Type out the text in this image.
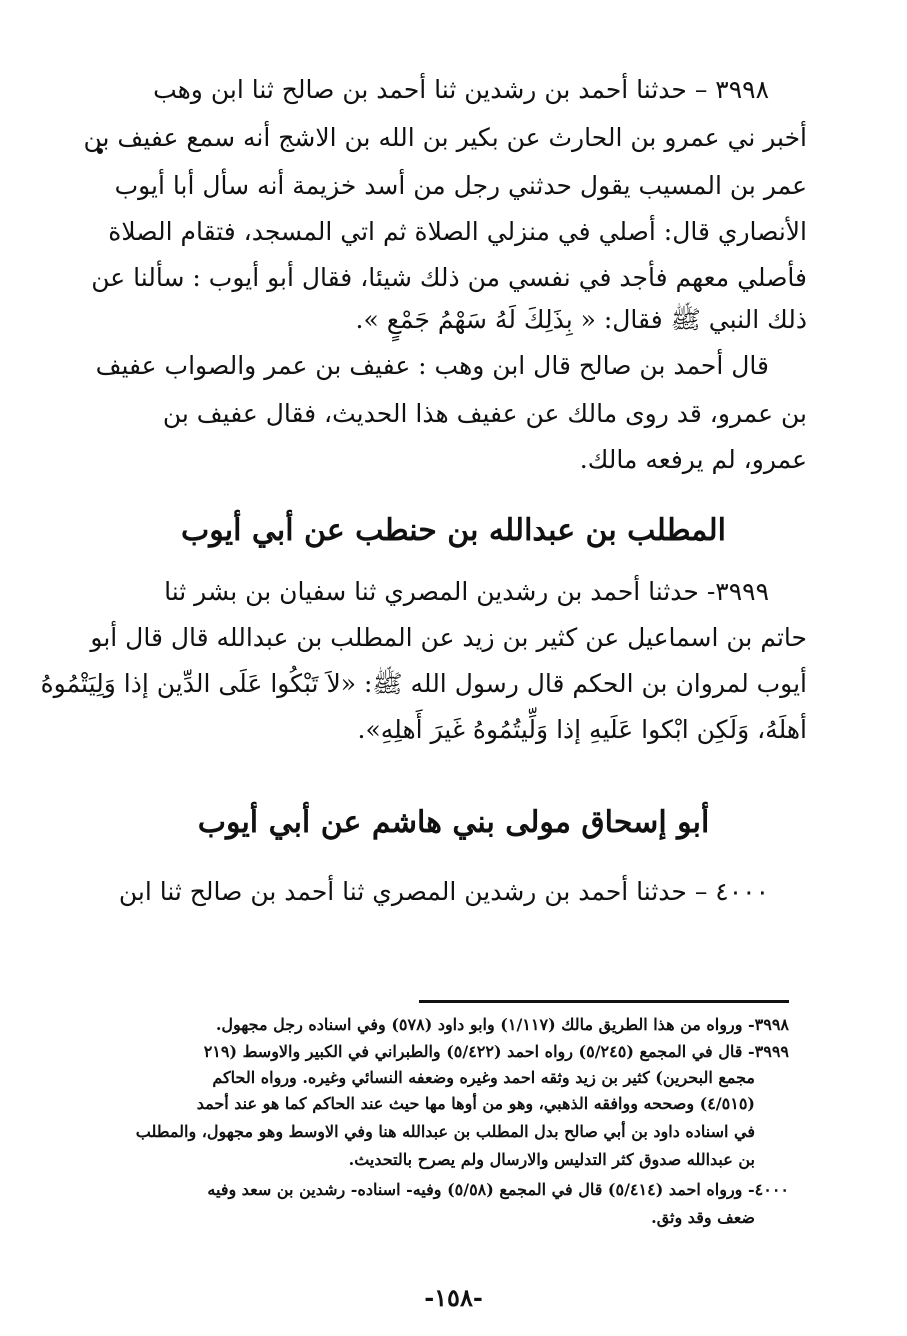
٣٩٩٨ – حدثنا أحمد بن رشدين ثنا أحمد بن صالح ثنا ابن وهب
أخبر ني عمرو بن الحارث عن بكير بن الله بن الاشج أنه سمع عفيف بن
عمر بن المسيب يقول حدثني رجل من أسد خزيمة أنه سأل أبا أيوب
الأنصاري قال: أصلي في منزلي الصلاة ثم اتي المسجد، فتقام الصلاة
فأصلي معهم فأجد في نفسي من ذلك شيئا، فقال أبو أيوب : سألنا عن
ذلك النبي ﷺ فقال: « بِذَلِكَ لَهُ سَهْمُ جَمْعٍ ».
قال أحمد بن صالح قال ابن وهب : عفيف بن عمر والصواب عفيف
بن عمرو، قد روى مالك عن عفيف هذا الحديث، فقال عفيف بن
عمرو، لم يرفعه مالك.
المطلب بن عبدالله بن حنطب عن أبي أيوب
٣٩٩٩- حدثنا أحمد بن رشدين المصري ثنا سفيان بن بشر ثنا
حاتم بن اسماعيل عن كثير بن زيد عن المطلب بن عبدالله قال قال أبو
أيوب لمروان بن الحكم قال رسول الله ﷺ: «لاَ تَبْكُوا عَلَى الدِّين إذا وَلِيَتْمُوهُ
أهلَهُ، وَلَكِن ابْكوا عَلَيهِ إذا وَلِّيتُمُوهُ غَيرَ أَهلِهِ».
أبو إسحاق مولى بني هاشم عن أبي أيوب
٤٠٠٠ – حدثنا أحمد بن رشدين المصري ثنا أحمد بن صالح ثنا ابن
٣٩٩٨- ورواه من هذا الطريق مالك (١/١١٧) وابو داود (٥٧٨) وفي اسناده رجل مجهول.
٣٩٩٩- قال في المجمع (٥/٢٤٥) رواه احمد (٥/٤٢٢) والطبراني في الكبير والاوسط (٢١٩
مجمع البحرين) كثير بن زيد وثقه احمد وغيره وضعفه النسائي وغيره. ورواه الحاكم
(٤/٥١٥) وصححه ووافقه الذهبي، وهو من أوها مها حيث عند الحاكم كما هو عند أحمد
في اسناده داود بن أبي صالح بدل المطلب بن عبدالله هنا وفي الاوسط وهو مجهول، والمطلب
بن عبدالله صدوق كثر التدليس والارسال ولم يصرح بالتحديث.
٤٠٠٠- ورواه احمد (٥/٤١٤) قال في المجمع (٥/٥٨) وفيه- اسناده- رشدين بن سعد وفيه
ضعف وقد وثق.
-١٥٨-
